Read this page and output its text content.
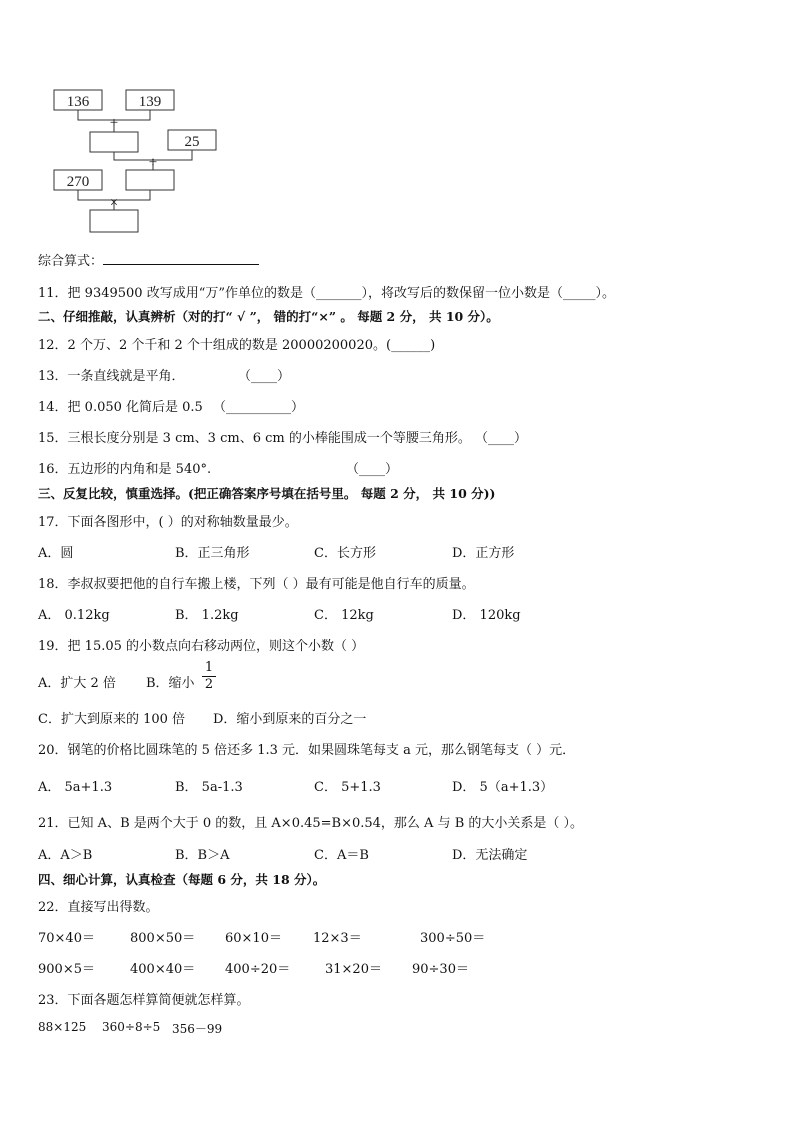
136	139
+
25
÷
270
×
综合算式：
11．把 9349500 改写成用“万”作单位的数是（_______），将改写后的数保留一位小数是（_____）。
二、仔细推敲，认真辨析（对的打“ √ ”， 错的打“×” 。 每题 2 分， 共 10 分）。
12．2 个万、2 个千和 2 个十组成的数是 20000200020。(______)
13．一条直线就是平角．	（____）
14．把 0.050 化简后是 0.5 （__________）
15．三根长度分别是 3 cm、3 cm、6 cm 的小棒能围成一个等腰三角形。 （____）
16．五边形的内角和是 540°.	（____）
三、反复比较，慎重选择。(把正确答案序号填在括号里。 每题 2 分， 共 10 分))
17．下面各图形中，( ）的对称轴数量最少。
A．圆	B．正三角形	C．长方形	D．正方形
18．李叔叔要把他的自行车搬上楼，下列（ ）最有可能是他自行车的质量。
A． 0.12kg	B． 1.2kg	C． 12kg	D． 120kg
19．把 15.05 的小数点向右移动两位，则这个小数（ ）
A．扩大 2 倍 B．缩小
1
2
C．扩大到原来的 100 倍 D．缩小到原来的百分之一
20．钢笔的价格比圆珠笔的 5 倍还多 1.3 元．如果圆珠笔每支 a 元，那么钢笔每支（ ）元．
A． 5a+1.3	B． 5a-1.3	C． 5+1.3	D． 5（a+1.3）
21．已知 A、B 是两个大于 0 的数，且 A×0.45=B×0.54，那么 A 与 B 的大小关系是（ ）。
A．A＞B	B．B＞A	C．A＝B	D．无法确定
四、细心计算，认真检查（每题 6 分，共 18 分）。
22．直接写出得数。
70×40＝	800×50＝ 60×10＝ 12×3＝	300÷50＝
900×5＝	400×40＝ 400÷20＝	31×20＝ 90÷30＝
23．下面各题怎样算简便就怎样算。
88×125 360÷8÷5 356－99
